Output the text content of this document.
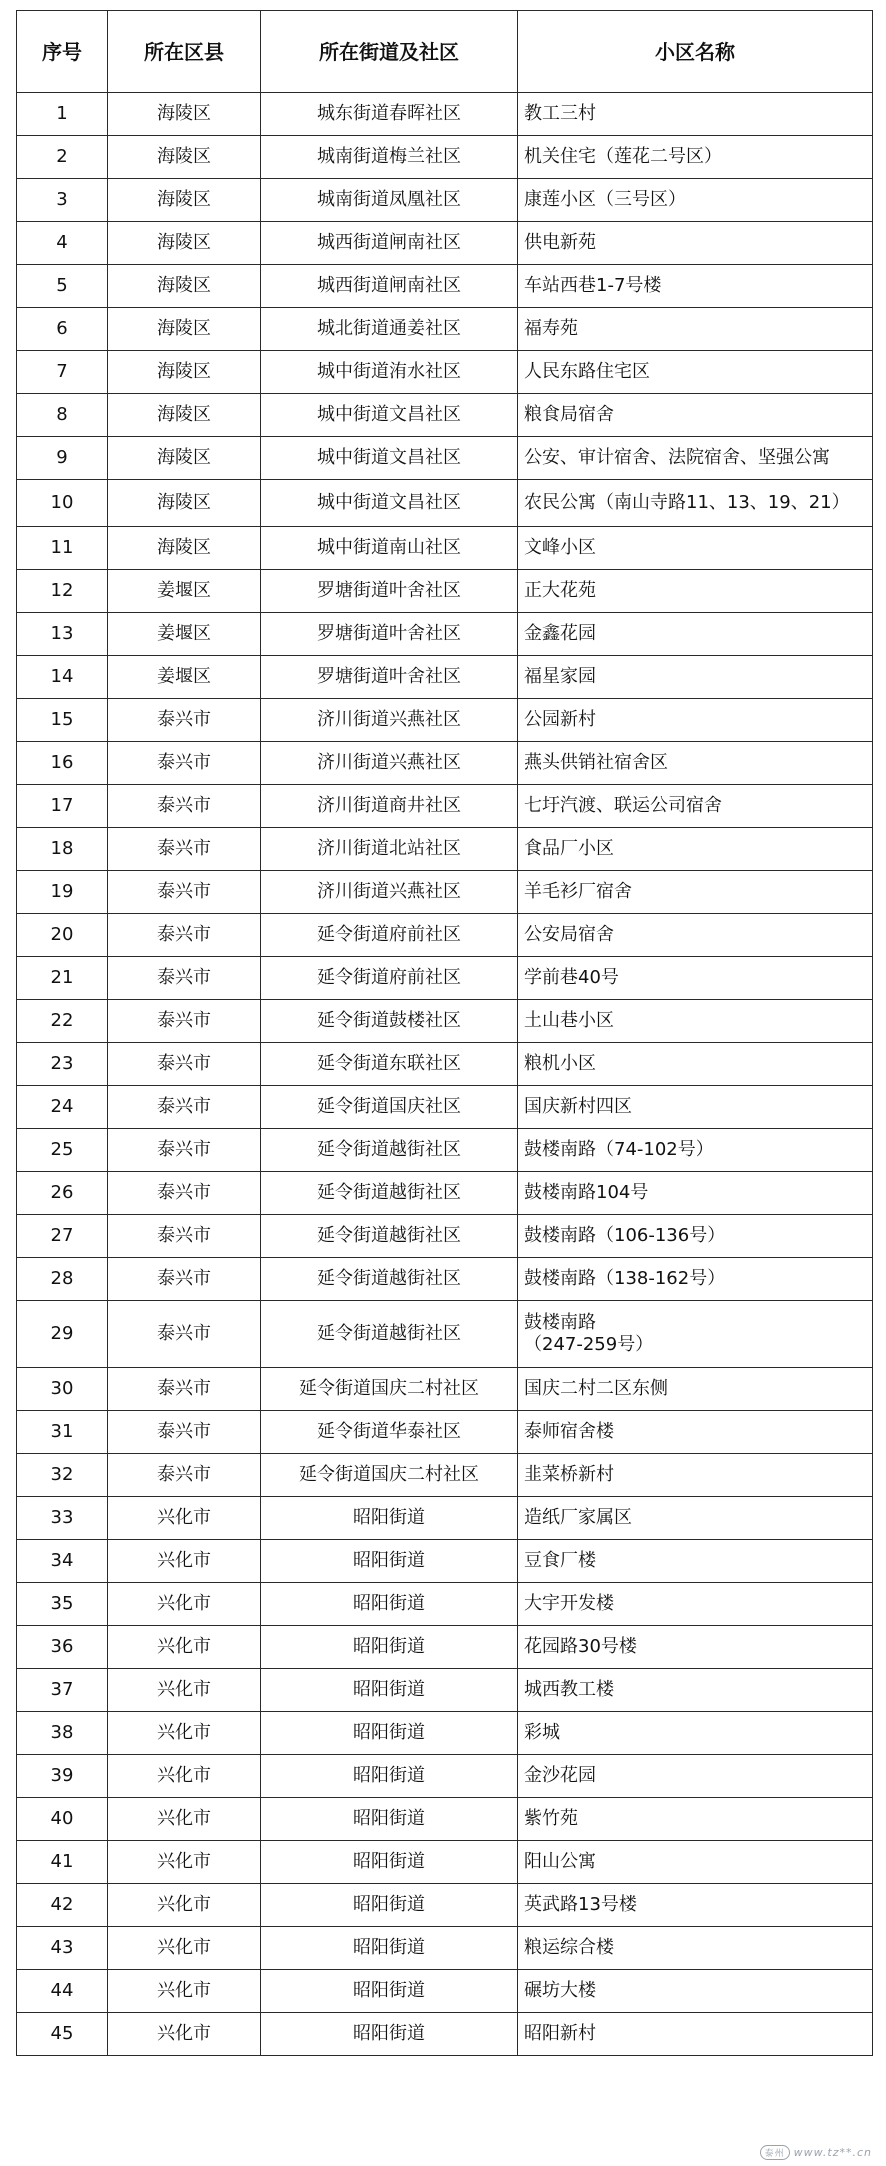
序号	所在区县	所在街道及社区	小区名称
1	海陵区	城东街道春晖社区	教工三村
2	海陵区	城南街道梅兰社区	机关住宅（莲花二号区）
3	海陵区	城南街道凤凰社区	康莲小区（三号区）
4	海陵区	城西街道闸南社区	供电新苑
5	海陵区	城西街道闸南社区	车站西巷1-7号楼
6	海陵区	城北街道通姜社区	福寿苑
7	海陵区	城中街道洧水社区	人民东路住宅区
8	海陵区	城中街道文昌社区	粮食局宿舍
9	海陵区	城中街道文昌社区	公安、审计宿舍、法院宿舍、坚强公寓
10	海陵区	城中街道文昌社区	农民公寓（南山寺路11、13、19、21）
11	海陵区	城中街道南山社区	文峰小区
12	姜堰区	罗塘街道叶舍社区	正大花苑
13	姜堰区	罗塘街道叶舍社区	金鑫花园
14	姜堰区	罗塘街道叶舍社区	福星家园
15	泰兴市	济川街道兴燕社区	公园新村
16	泰兴市	济川街道兴燕社区	燕头供销社宿舍区
17	泰兴市	济川街道商井社区	七圩汽渡、联运公司宿舍
18	泰兴市	济川街道北站社区	食品厂小区
19	泰兴市	济川街道兴燕社区	羊毛衫厂宿舍
20	泰兴市	延令街道府前社区	公安局宿舍
21	泰兴市	延令街道府前社区	学前巷40号
22	泰兴市	延令街道鼓楼社区	土山巷小区
23	泰兴市	延令街道东联社区	粮机小区
24	泰兴市	延令街道国庆社区	国庆新村四区
25	泰兴市	延令街道越街社区	鼓楼南路（74-102号）
26	泰兴市	延令街道越街社区	鼓楼南路104号
27	泰兴市	延令街道越街社区	鼓楼南路（106-136号）
28	泰兴市	延令街道越街社区	鼓楼南路（138-162号）
29	泰兴市	延令街道越街社区	鼓楼南路
（247-259号）
30	泰兴市	延令街道国庆二村社区	国庆二村二区东侧
31	泰兴市	延令街道华泰社区	泰师宿舍楼
32	泰兴市	延令街道国庆二村社区	韭菜桥新村
33	兴化市	昭阳街道	造纸厂家属区
34	兴化市	昭阳街道	豆食厂楼
35	兴化市	昭阳街道	大宇开发楼
36	兴化市	昭阳街道	花园路30号楼
37	兴化市	昭阳街道	城西教工楼
38	兴化市	昭阳街道	彩城
39	兴化市	昭阳街道	金沙花园
40	兴化市	昭阳街道	紫竹苑
41	兴化市	昭阳街道	阳山公寓
42	兴化市	昭阳街道	英武路13号楼
43	兴化市	昭阳街道	粮运综合楼
44	兴化市	昭阳街道	碾坊大楼
45	兴化市	昭阳街道	昭阳新村
泰州 www.tz**.cn
